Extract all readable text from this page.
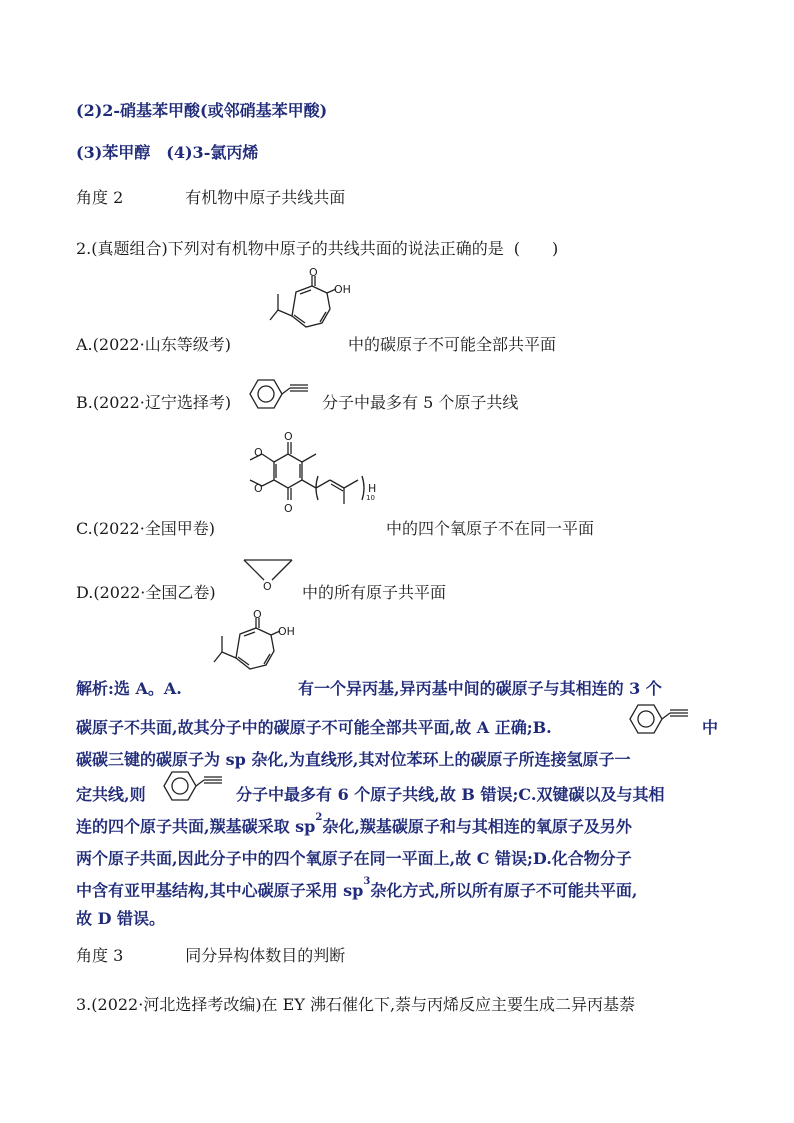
(2)2-硝基苯甲酸(或邻硝基苯甲酸)
(3)苯甲醇 (4)3-氯丙烯
角度 2	有机物中原子共线共面
2.(真题组合)下列对有机物中原子的共线共面的说法正确的是 (　　)
A.(2022·山东等级考)
O
OH
中的碳原子不可能全部共平面
B.(2022·辽宁选择考)	分子中最多有 5 个原子共线
C.(2022·全国甲卷)
O
O
O
O
10
H
中的四个氧原子不在同一平面
D.(2022·全国乙卷)	O 中的所有原子共平面
解析:选 A。A.
O
OH
有一个异丙基,异丙基中间的碳原子与其相连的 3 个
碳原子不共面,故其分子中的碳原子不可能全部共平面,故 A 正确;B.	中
碳碳三键的碳原子为 sp 杂化,为直线形,其对位苯环上的碳原子所连接氢原子一
定共线,则	分子中最多有 6 个原子共线,故 B 错误;C.双键碳以及与其相
连的四个原子共面,羰基碳采取 $sp^2$杂化,羰基碳原子和与其相连的氧原子及另外
两个原子共面,因此分子中的四个氧原子在同一平面上,故 C 错误;D.化合物分子
中含有亚甲基结构,其中心碳原子采用 $sp^3$杂化方式,所以所有原子不可能共平面,
故 D 错误。
角度 3	同分异构体数目的判断
3.(2022·河北选择考改编)在 EY 沸石催化下,萘与丙烯反应主要生成二异丙基萘
